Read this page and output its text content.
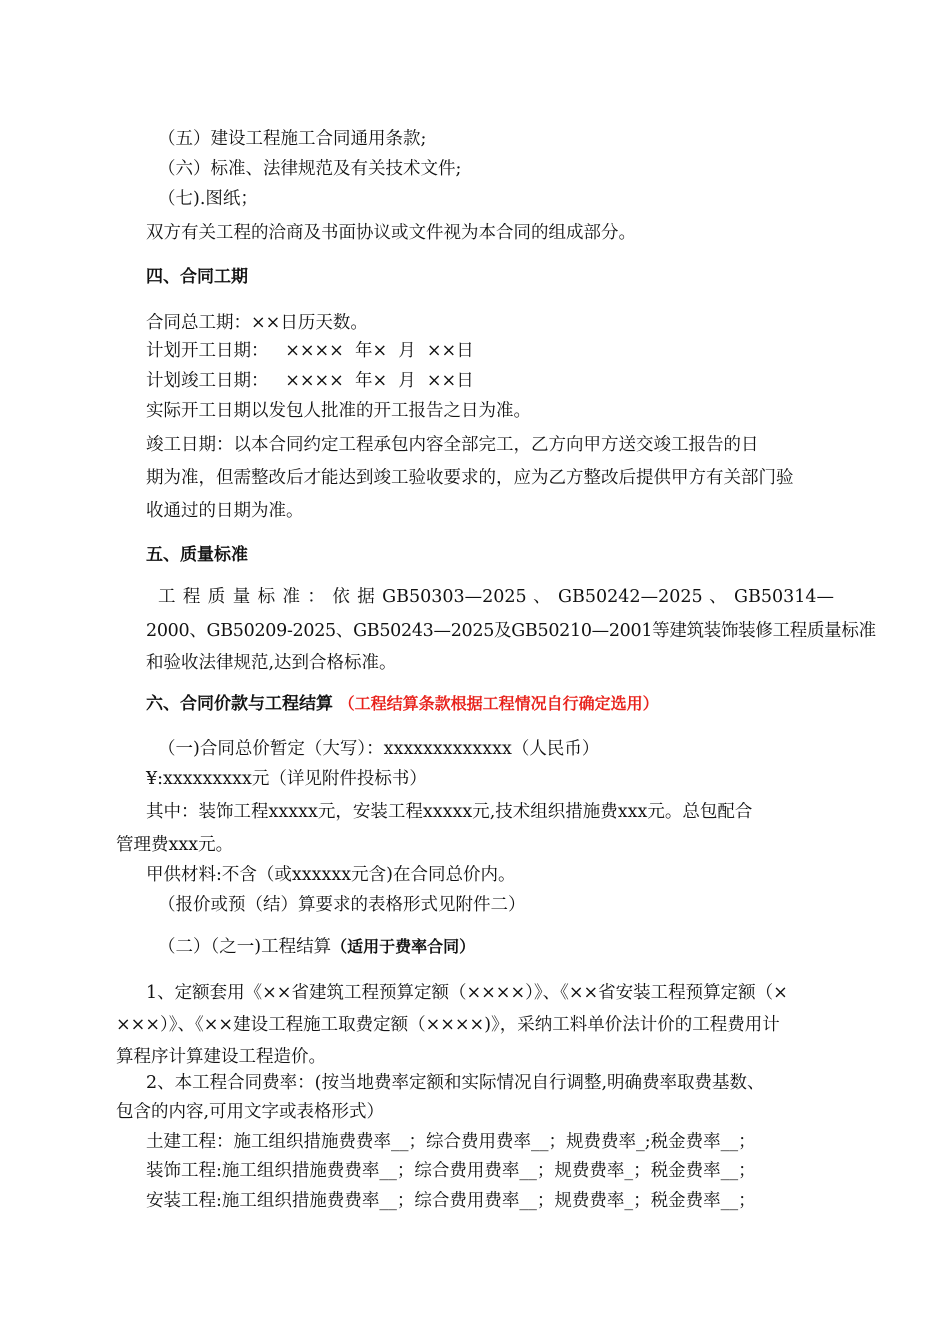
（五）建设工程施工合同通用条款;
（六）标准、法律规范及有关技术文件;
（七).图纸；
双方有关工程的洽商及书面协议或文件视为本合同的组成部分。
四、合同工期
合同总工期：××日历天数。
计划开工日期：   ××××  年×  月  ××日
计划竣工日期：   ××××  年×  月  ××日
实际开工日期以发包人批准的开工报告之日为准。
竣工日期：以本合同约定工程承包内容全部完工，乙方向甲方送交竣工报告的日
期为准，但需整改后才能达到竣工验收要求的，应为乙方整改后提供甲方有关部门验
收通过的日期为准。
五、质量标准
工 程 质 量 标 准 ： 依 据 GB50303—2025 、 GB50242—2025 、 GB50314—
2000、GB50209-2025、GB50243—2025及GB50210—2001等建筑装饰装修工程质量标准
和验收法律规范,达到合格标准。
六、合同价款与工程结算 （工程结算条款根据工程情况自行确定选用）
（一)合同总价暂定（大写）：xxxxxxxxxxxxx（人民币）
¥:xxxxxxxxx元（详见附件投标书）
其中：装饰工程xxxxx元，安装工程xxxxx元,技术组织措施费xxx元。总包配合
管理费xxx元。
甲供材料:不含（或xxxxxx元含)在合同总价内。
（报价或预（结）算要求的表格形式见附件二）
（二）（之一)工程结算（适用于费率合同）
1、定额套用《××省建筑工程预算定额（××××）》、《××省安装工程预算定额（×
×××）》、《××建设工程施工取费定额（××××)》，采纳工料单价法计价的工程费用计
算程序计算建设工程造价。
2、本工程合同费率：(按当地费率定额和实际情况自行调整,明确费率取费基数、
包含的内容,可用文字或表格形式）
土建工程：施工组织措施费费率__；综合费用费率__；规费费率_;税金费率__；
装饰工程:施工组织措施费费率__；综合费用费率__；规费费率_；税金费率__；
安装工程:施工组织措施费费率__；综合费用费率__；规费费率_；税金费率__；
